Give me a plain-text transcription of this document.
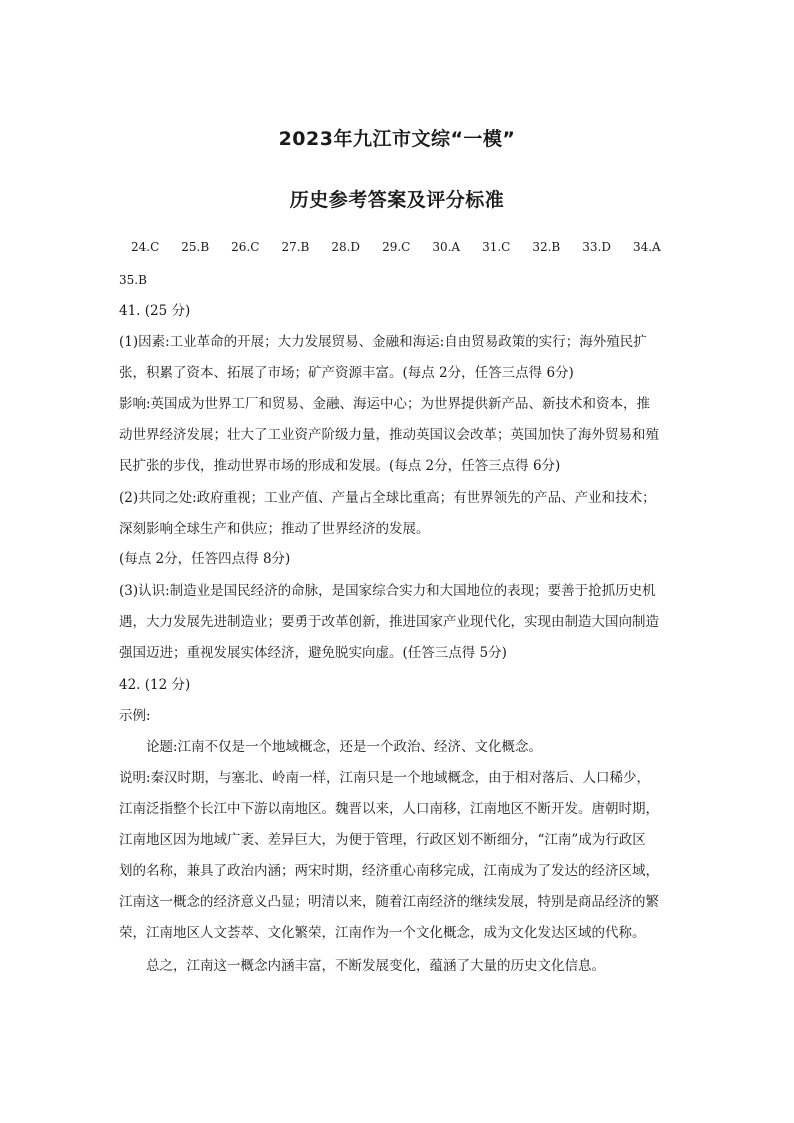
2023年九江市文综“一模”
历史参考答案及评分标准
24.C 25.B 26.C 27.B 28.D 29.C 30.A 31.C 32.B 33.D 34.A
35.B
41. (25 分)
(1)因素:工业革命的开展；大力发展贸易、金融和海运:自由贸易政策的实行；海外殖民扩
张，积累了资本、拓展了市场；矿产资源丰富。(每点 2分，任答三点得 6分)
影响:英国成为世界工厂和贸易、金融、海运中心；为世界提供新产品、新技术和资本，推
动世界经济发展；壮大了工业资产阶级力量，推动英国议会改革；英国加快了海外贸易和殖
民扩张的步伐，推动世界市场的形成和发展。(每点 2分，任答三点得 6分)
(2)共同之处:政府重视；工业产值、产量占全球比重高；有世界领先的产品、产业和技术；
深刻影响全球生产和供应；推动了世界经济的发展。
(每点 2分，任答四点得 8分)
(3)认识:制造业是国民经济的命脉，是国家综合实力和大国地位的表现；要善于抢抓历史机
遇，大力发展先进制造业；要勇于改革创新，推进国家产业现代化，实现由制造大国向制造
强国迈进；重视发展实体经济，避免脱实向虚。(任答三点得 5分)
42. (12 分)
示例:
论题:江南不仅是一个地域概念，还是一个政治、经济、文化概念。
说明:秦汉时期，与塞北、岭南一样，江南只是一个地域概念，由于相对落后、人口稀少，
江南泛指整个长江中下游以南地区。魏晋以来，人口南移，江南地区不断开发。唐朝时期，
江南地区因为地域广袤、差异巨大，为便于管理，行政区划不断细分，“江南”成为行政区
划的名称，兼具了政治内涵；两宋时期，经济重心南移完成，江南成为了发达的经济区域，
江南这一概念的经济意义凸显；明清以来，随着江南经济的继续发展，特别是商品经济的繁
荣，江南地区人文荟萃、文化繁荣，江南作为一个文化概念，成为文化发达区域的代称。
总之，江南这一概念内涵丰富，不断发展变化，蕴涵了大量的历史文化信息。
